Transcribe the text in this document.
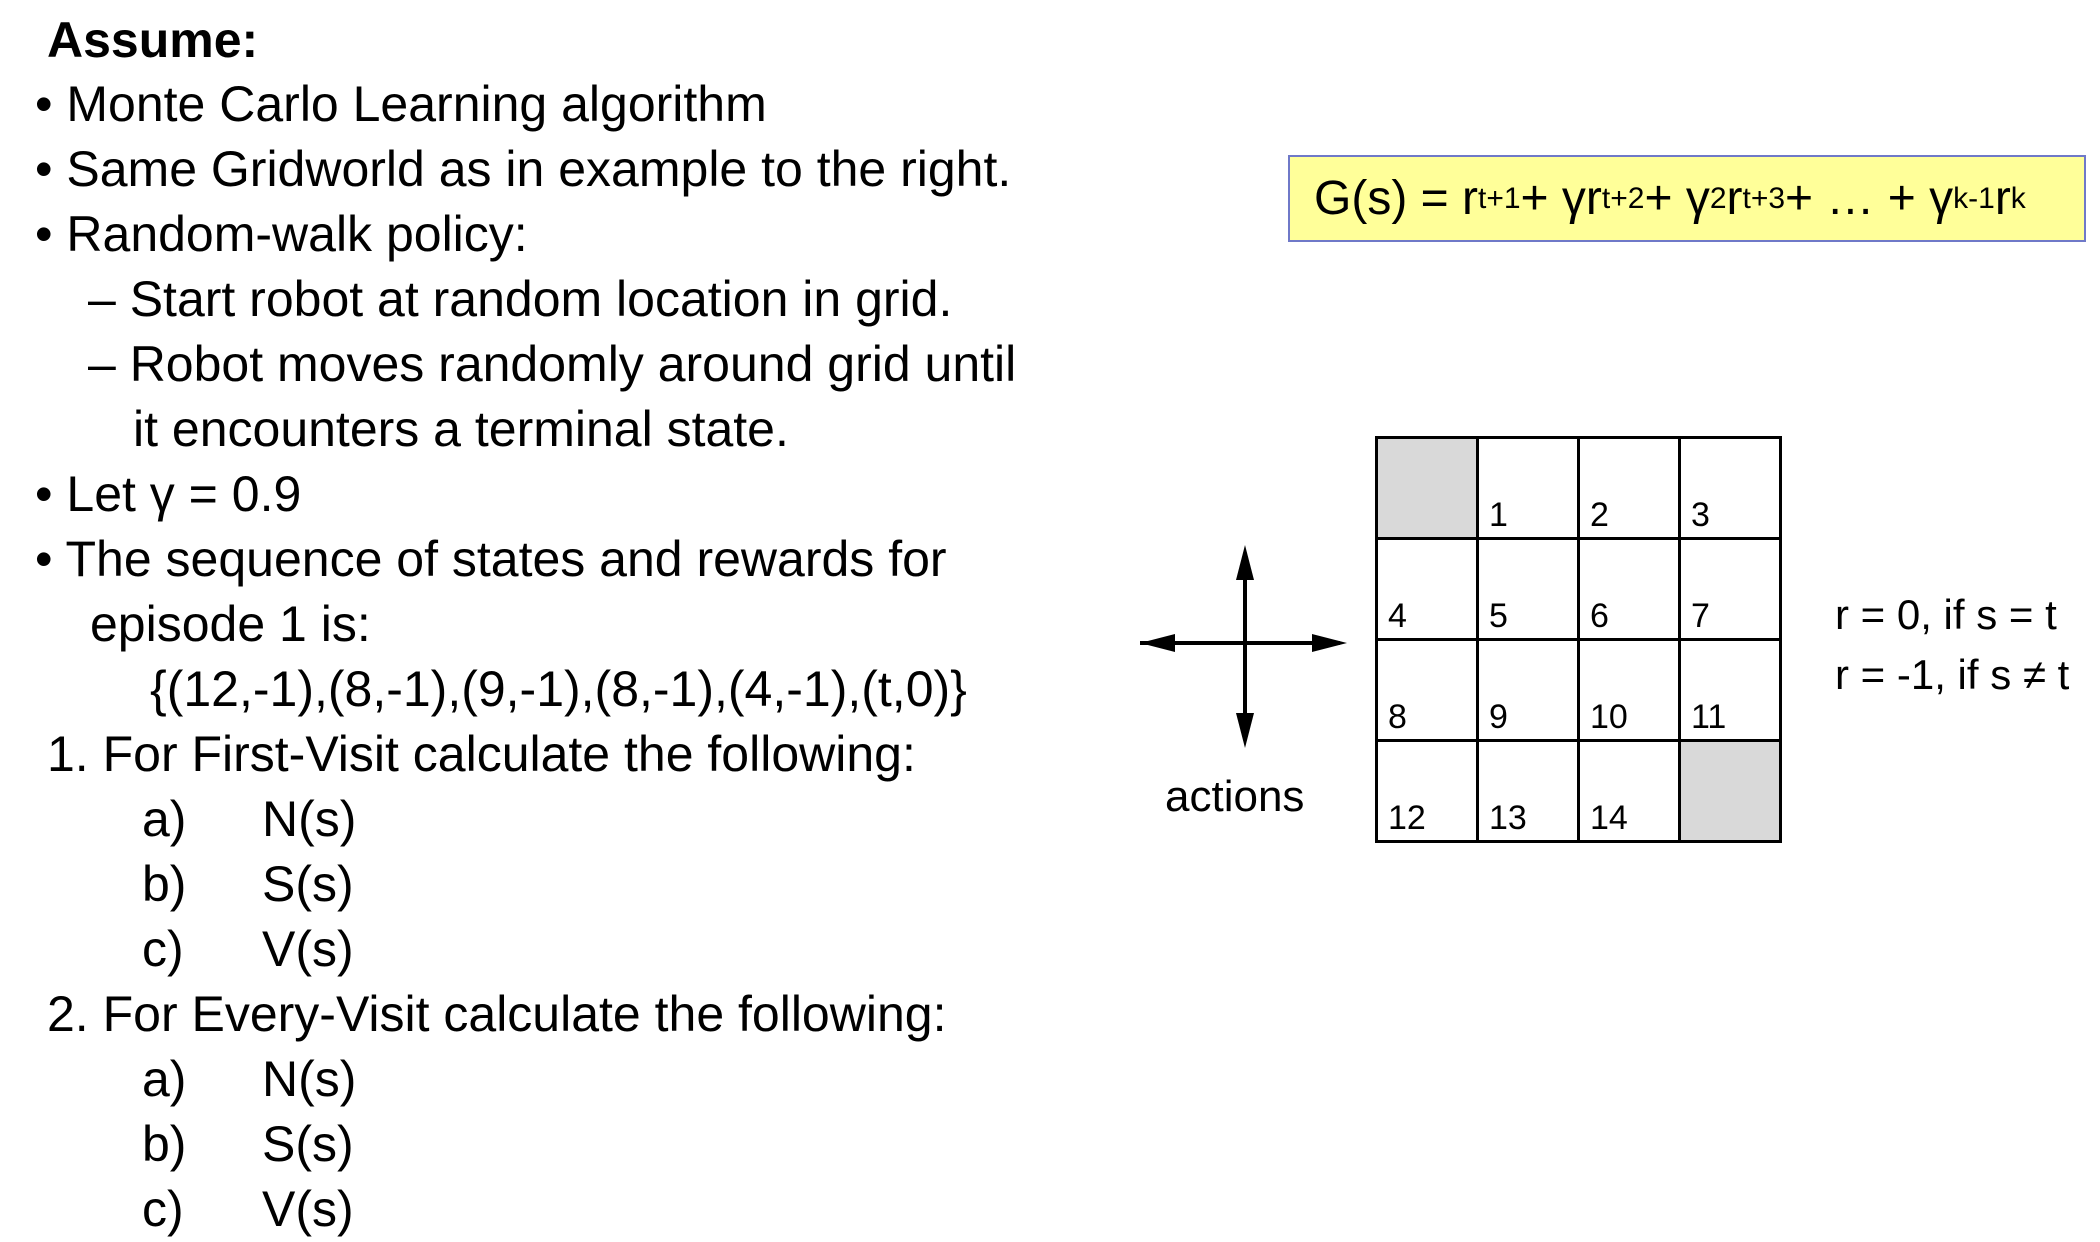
Assume:
• Monte Carlo Learning algorithm
• Same Gridworld as in example to the right.
• Random-walk policy:
– Start robot at random location in grid.
– Robot moves randomly around grid until
it encounters a terminal state.
• Let γ = 0.9
• The sequence of states and rewards for
episode 1 is:
{(12,-1),(8,-1),(9,-1),(8,-1),(4,-1),(t,0)}
1. For First-Visit calculate the following:
a) N(s)
b) S(s)
c) V(s)
2. For Every-Visit calculate the following:
a) N(s)
b) S(s)
c) V(s)
G(s) = r t+1 + γr t+2 + γ 2 r t+3 + … + γ k-1 r k
actions

	1	2	3

4	5	6	7

8	9	10	11

12	13	14	

r = 0, if s = t
r = -1, if s ≠ t
